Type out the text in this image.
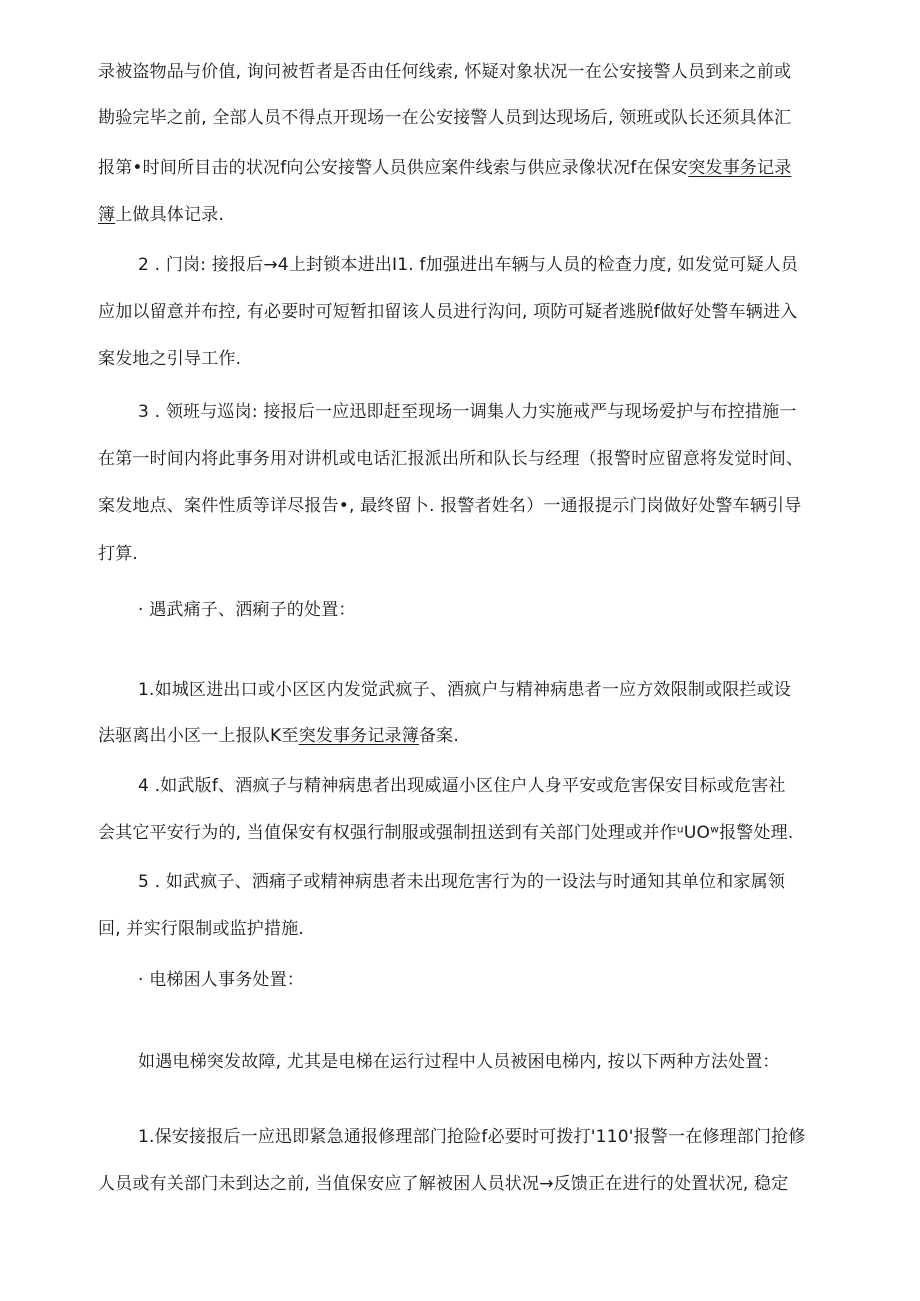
录被盗物品与价值, 询问被哲者是否由任何线索, 怀疑对象状况一在公安接警人员到来之前或
勘验完毕之前, 全部人员不得点开现场一在公安接警人员到达现场后, 领班或队长还须具体汇
报第•时间所目击的状况f向公安接警人员供应案件线索与供应录像状况f在保安突发事务记录
簿上做具体记录.
2 . 门岗: 接报后→4上封锁本进出I1. f加强进出车辆与人员的检查力度, 如发觉可疑人员
应加以留意并布控, 有必要时可短暂扣留该人员进行沟问, 项防可疑者逃脱f做好处警车辆进入
案发地之引导工作.
3 . 领班与巡岗: 接报后一应迅即赶至现场一调集人力实施戒严与现场爱护与布控措施一
在第一时间内将此事务用对讲机或电话汇报派出所和队长与经理（报警时应留意将发觉时间、
案发地点、案件性质等详尽报告•, 最终留卜. 报警者姓名）一通报提示门岗做好处警车辆引导
打算.
· 遇武痛子、洒痢子的处置：
1.如城区进出口或小区区内发觉武疯子、酒疯户与精神病患者一应方效限制或限拦或设
法驱离出小区一上报队K至突发事务记录簿备案.
4 .如武版f、酒疯子与精神病患者出现威逼小区住户人身平安或危害保安目标或危害社
会其它平安行为的, 当值保安有权强行制服或强制扭送到有关部门处理或并作ᵘUOʷ报警处理.
5 . 如武疯子、洒痛子或精神病患者未出现危害行为的一设法与时通知其单位和家属领
回, 并实行限制或监护措施.
· 电梯困人事务处置：
如遇电梯突发故障, 尤其是电梯在运行过程中人员被困电梯内, 按以下两种方法处置：
1.保安接报后一应迅即紧急通报修理部门抢险f必要时可拨打'110'报警一在修理部门抢修
人员或有关部门未到达之前, 当值保安应了解被困人员状况→反馈正在进行的处置状况, 稳定
